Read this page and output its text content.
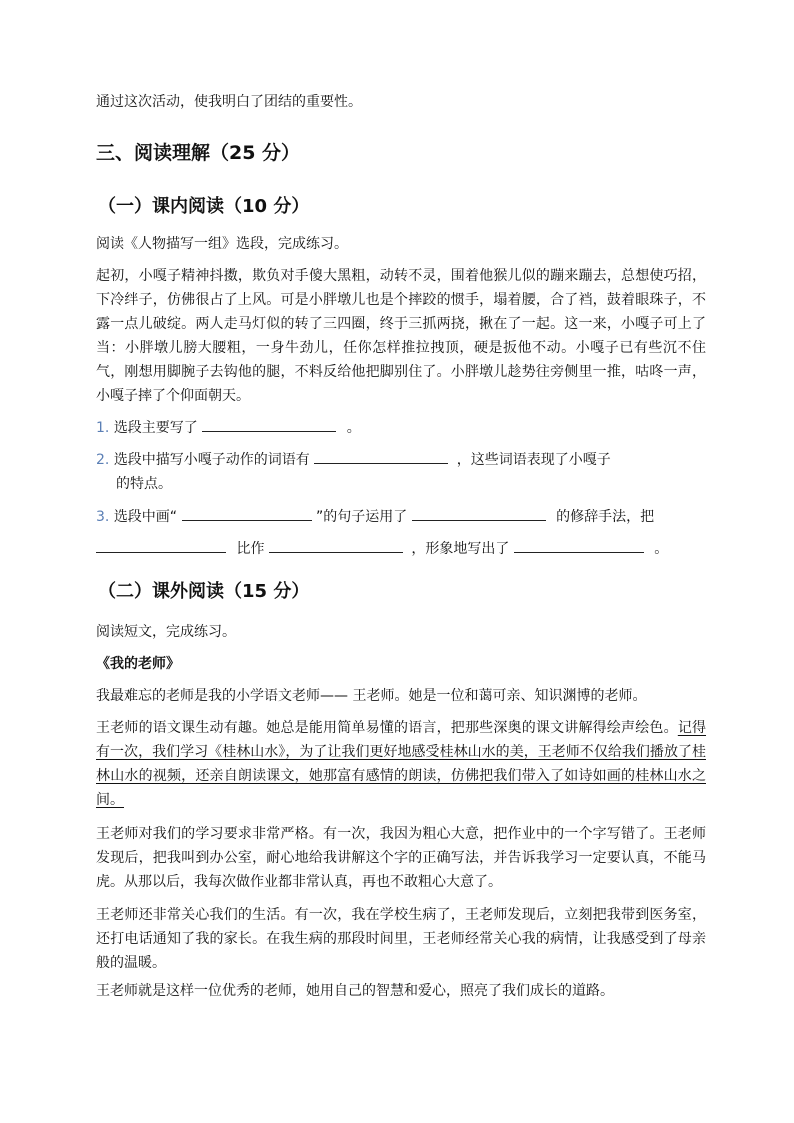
通过这次活动，使我明白了团结的重要性。

三、阅读理解（25 分）
（一）课内阅读（10 分）

阅读《人物描写一组》选段，完成练习。

起初，小嘎子精神抖擞，欺负对手傻大黑粗，动转不灵，围着他猴儿似的蹦来蹦去，总想使巧招，下冷绊子，仿佛很占了上风。可是小胖墩儿也是个摔跤的惯手，塌着腰，合了裆，鼓着眼珠子，不露一点儿破绽。两人走马灯似的转了三四圈，终于三抓两挠，揪在了一起。这一来，小嘎子可上了当：小胖墩儿膀大腰粗，一身牛劲儿，任你怎样推拉拽顶，硬是扳他不动。小嘎子已有些沉不住气，刚想用脚腕子去钩他的腿，不料反给他把脚别住了。小胖墩儿趁势往旁侧里一推，咕咚一声，小嘎子摔了个仰面朝天。

1. 选段主要写了	。
2. 选段中描写小嘎子动作的词语有	，这些词语表现了小嘎子
的特点。
3. 选段中画“	”的句子运用了	的修辞手法，把
比作	，形象地写出了	。
（二）课外阅读（15 分）

阅读短文，完成练习。

《我的老师》

我最难忘的老师是我的小学语文老师—— 王老师。她是一位和蔼可亲、知识渊博的老师。

王老师的语文课生动有趣。她总是能用简单易懂的语言，把那些深奥的课文讲解得绘声绘色。记得有一次，我们学习《桂林山水》，为了让我们更好地感受桂林山水的美，王老师不仅给我们播放了桂林山水的视频，还亲自朗读课文，她那富有感情的朗读，仿佛把我们带入了如诗如画的桂林山水之间。

王老师对我们的学习要求非常严格。有一次，我因为粗心大意，把作业中的一个字写错了。王老师发现后，把我叫到办公室，耐心地给我讲解这个字的正确写法，并告诉我学习一定要认真，不能马虎。从那以后，我每次做作业都非常认真，再也不敢粗心大意了。

王老师还非常关心我们的生活。有一次，我在学校生病了，王老师发现后，立刻把我带到医务室，还打电话通知了我的家长。在我生病的那段时间里，王老师经常关心我的病情，让我感受到了母亲般的温暖。

王老师就是这样一位优秀的老师，她用自己的智慧和爱心，照亮了我们成长的道路。
